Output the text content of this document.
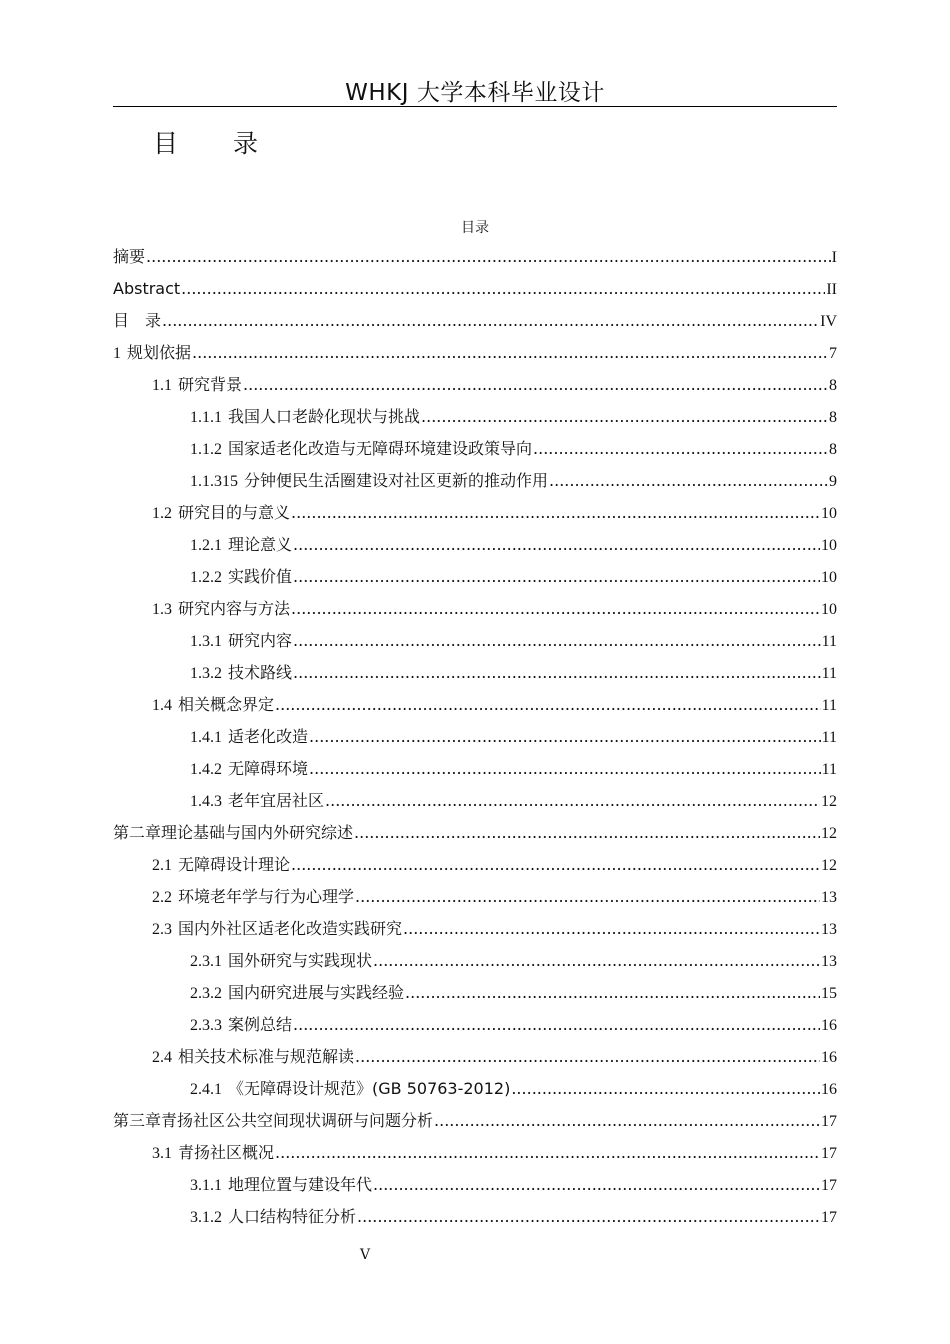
WHKJ 大学本科毕业设计
目　录
目录
摘要 .....	I
Abstract .....	II
目　录 .....	IV
1 规划依据 .....	7
1.1 研究背景 .....	8
1.1.1 我国人口老龄化现状与挑战 .....	8
1.1.2 国家适老化改造与无障碍环境建设政策导向 .....	8
1.1.315 分钟便民生活圈建设对社区更新的推动作用 .....	9
1.2 研究目的与意义 .....	10
1.2.1 理论意义 .....	10
1.2.2 实践价值 .....	10
1.3 研究内容与方法 .....	10
1.3.1 研究内容 .....	11
1.3.2 技术路线 .....	11
1.4 相关概念界定 .....	11
1.4.1 适老化改造 .....	11
1.4.2 无障碍环境 .....	11
1.4.3 老年宜居社区 .....	12
第二章理论基础与国内外研究综述 .....	12
2.1 无障碍设计理论 .....	12
2.2 环境老年学与行为心理学 .....	13
2.3 国内外社区适老化改造实践研究 .....	13
2.3.1 国外研究与实践现状 .....	13
2.3.2 国内研究进展与实践经验 .....	15
2.3.3 案例总结 .....	16
2.4 相关技术标准与规范解读 .....	16
2.4.1 《无障碍设计规范》(GB 50763-2012) .....	16
第三章青扬社区公共空间现状调研与问题分析 .....	17
3.1 青扬社区概况 .....	17
3.1.1 地理位置与建设年代 .....	17
3.1.2 人口结构特征分析 .....	17
V
